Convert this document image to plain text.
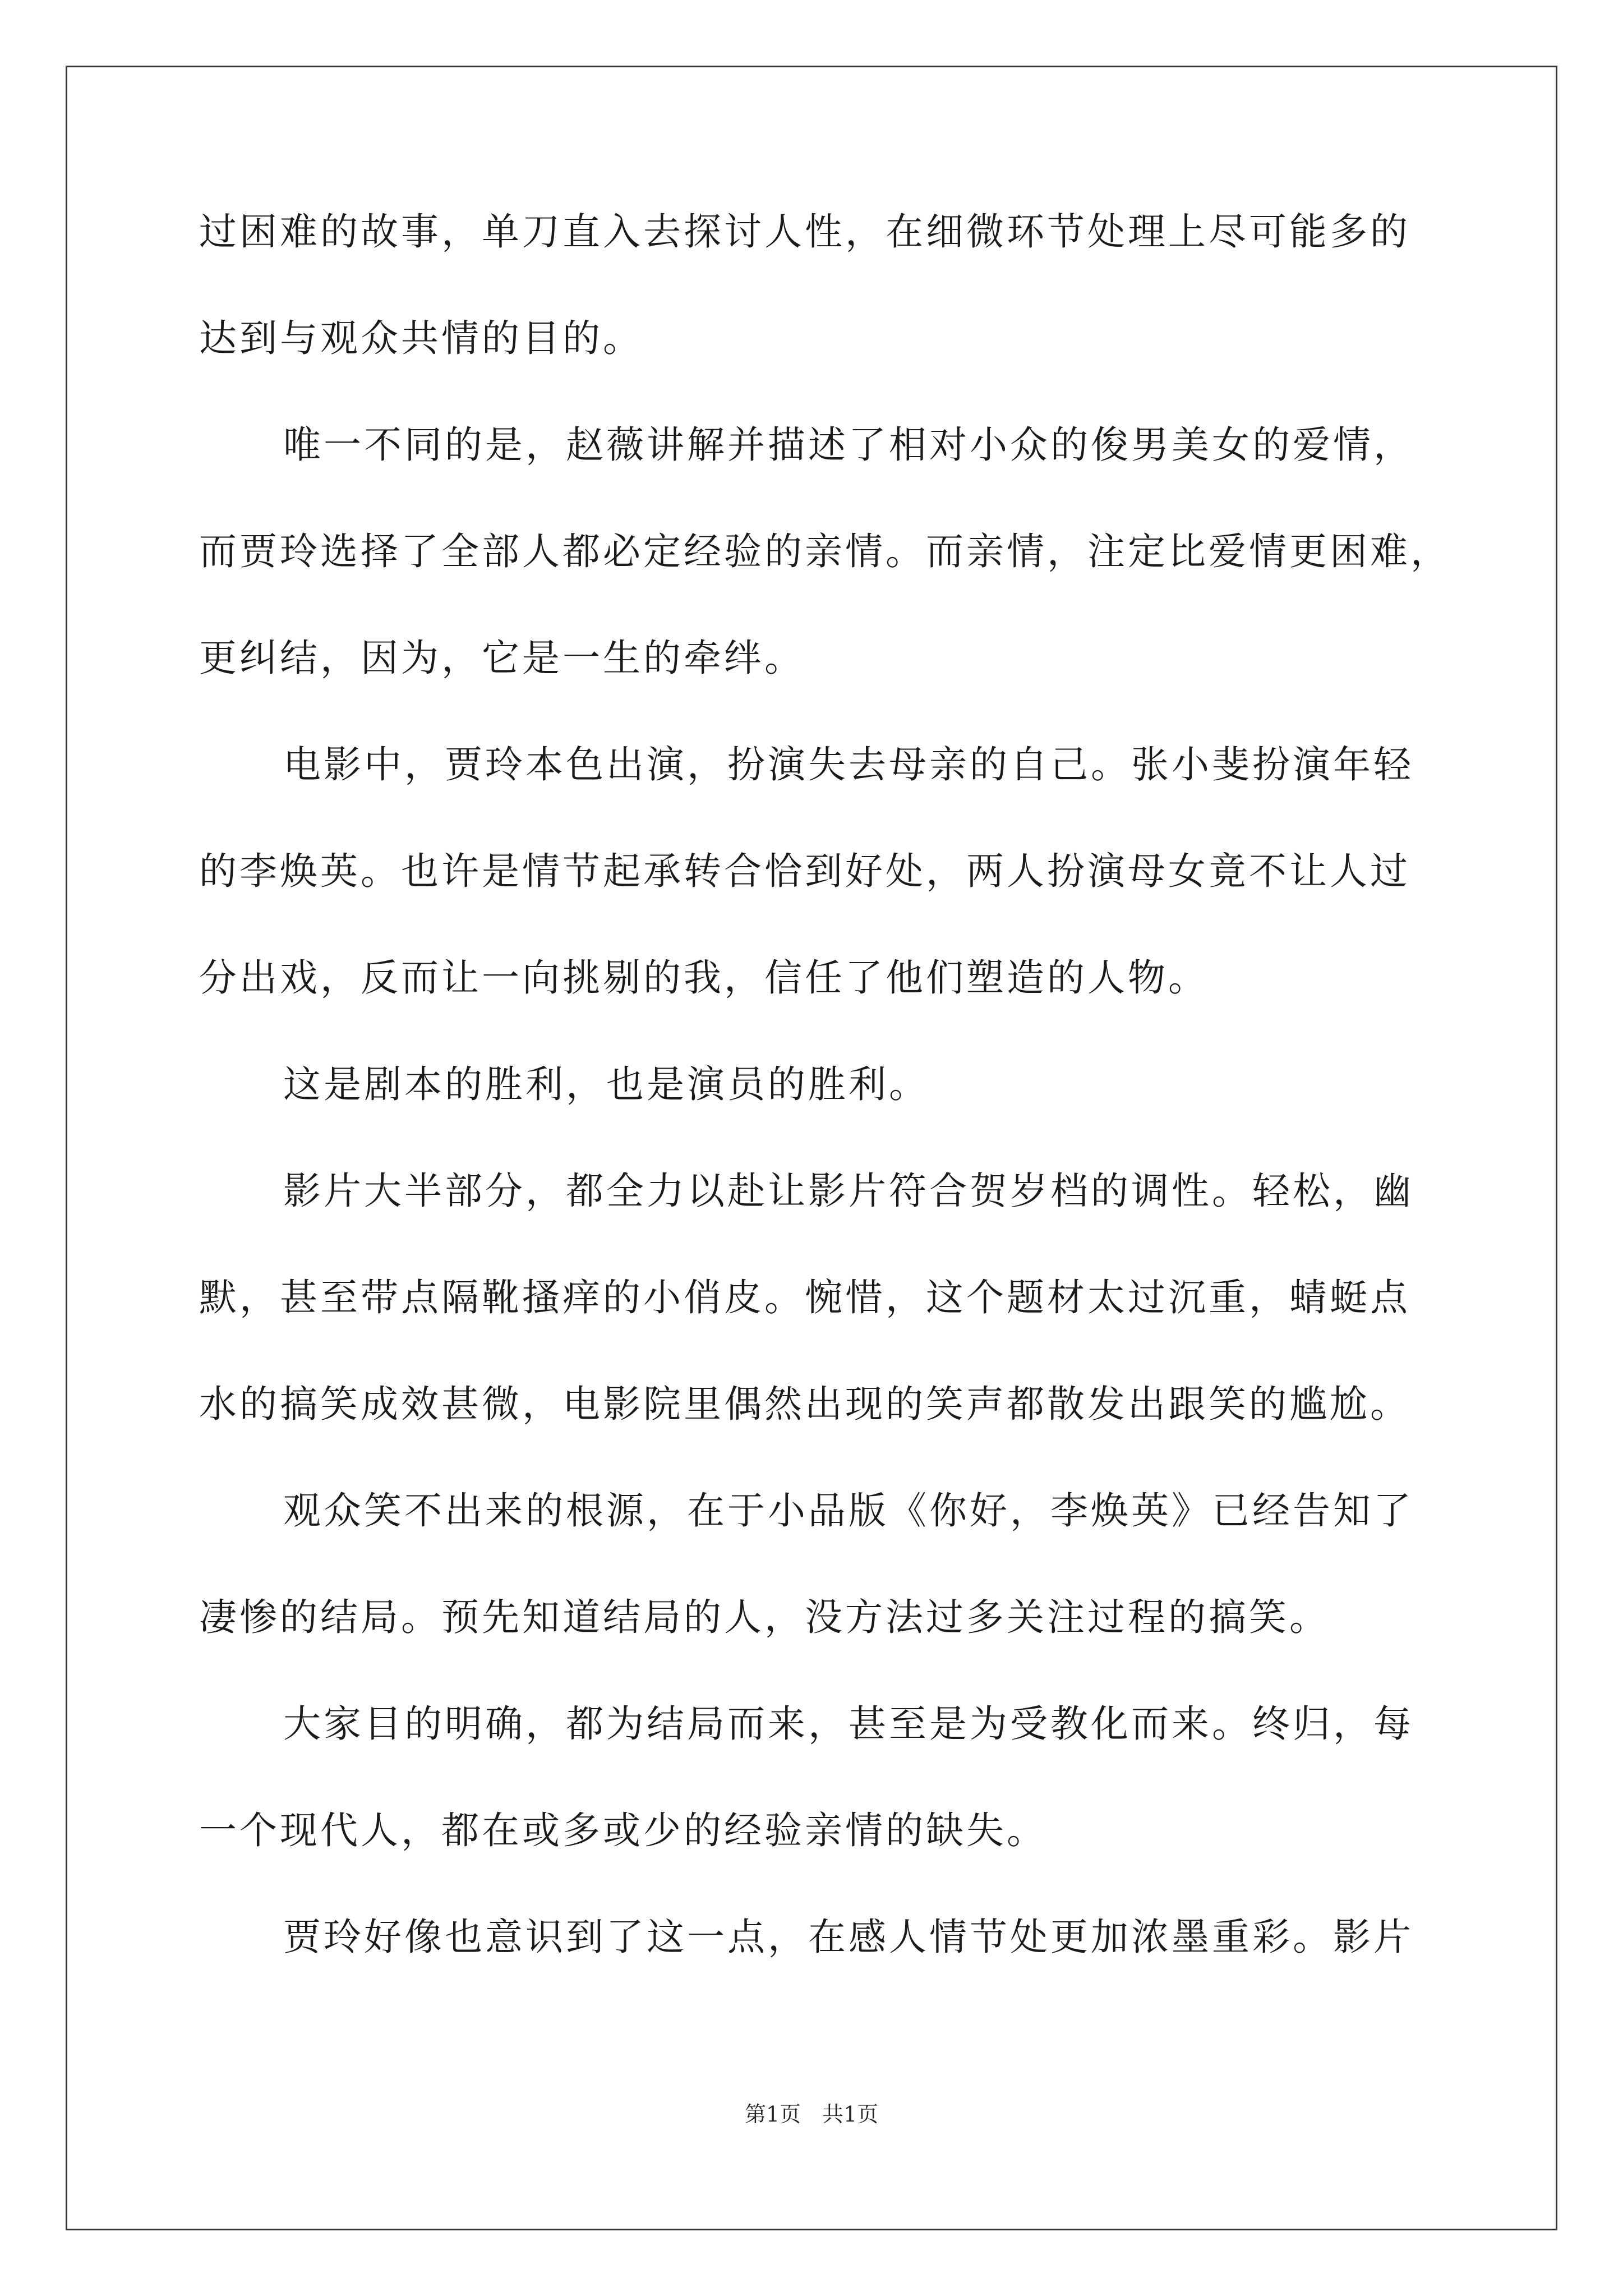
过困难的故事，单刀直入去探讨人性，在细微环节处理上尽可能多的
达到与观众共情的目的。
唯一不同的是，赵薇讲解并描述了相对小众的俊男美女的爱情，
而贾玲选择了全部人都必定经验的亲情。而亲情，注定比爱情更困难，
更纠结，因为，它是一生的牵绊。
电影中，贾玲本色出演，扮演失去母亲的自己。张小斐扮演年轻
的李焕英。也许是情节起承转合恰到好处，两人扮演母女竟不让人过
分出戏，反而让一向挑剔的我，信任了他们塑造的人物。
这是剧本的胜利，也是演员的胜利。
影片大半部分，都全力以赴让影片符合贺岁档的调性。轻松，幽
默，甚至带点隔靴搔痒的小俏皮。惋惜，这个题材太过沉重，蜻蜓点
水的搞笑成效甚微，电影院里偶然出现的笑声都散发出跟笑的尴尬。
观众笑不出来的根源，在于小品版《你好，李焕英》已经告知了
凄惨的结局。预先知道结局的人，没方法过多关注过程的搞笑。
大家目的明确，都为结局而来，甚至是为受教化而来。终归，每
一个现代人，都在或多或少的经验亲情的缺失。
贾玲好像也意识到了这一点，在感人情节处更加浓墨重彩。影片
第1页　共1页
